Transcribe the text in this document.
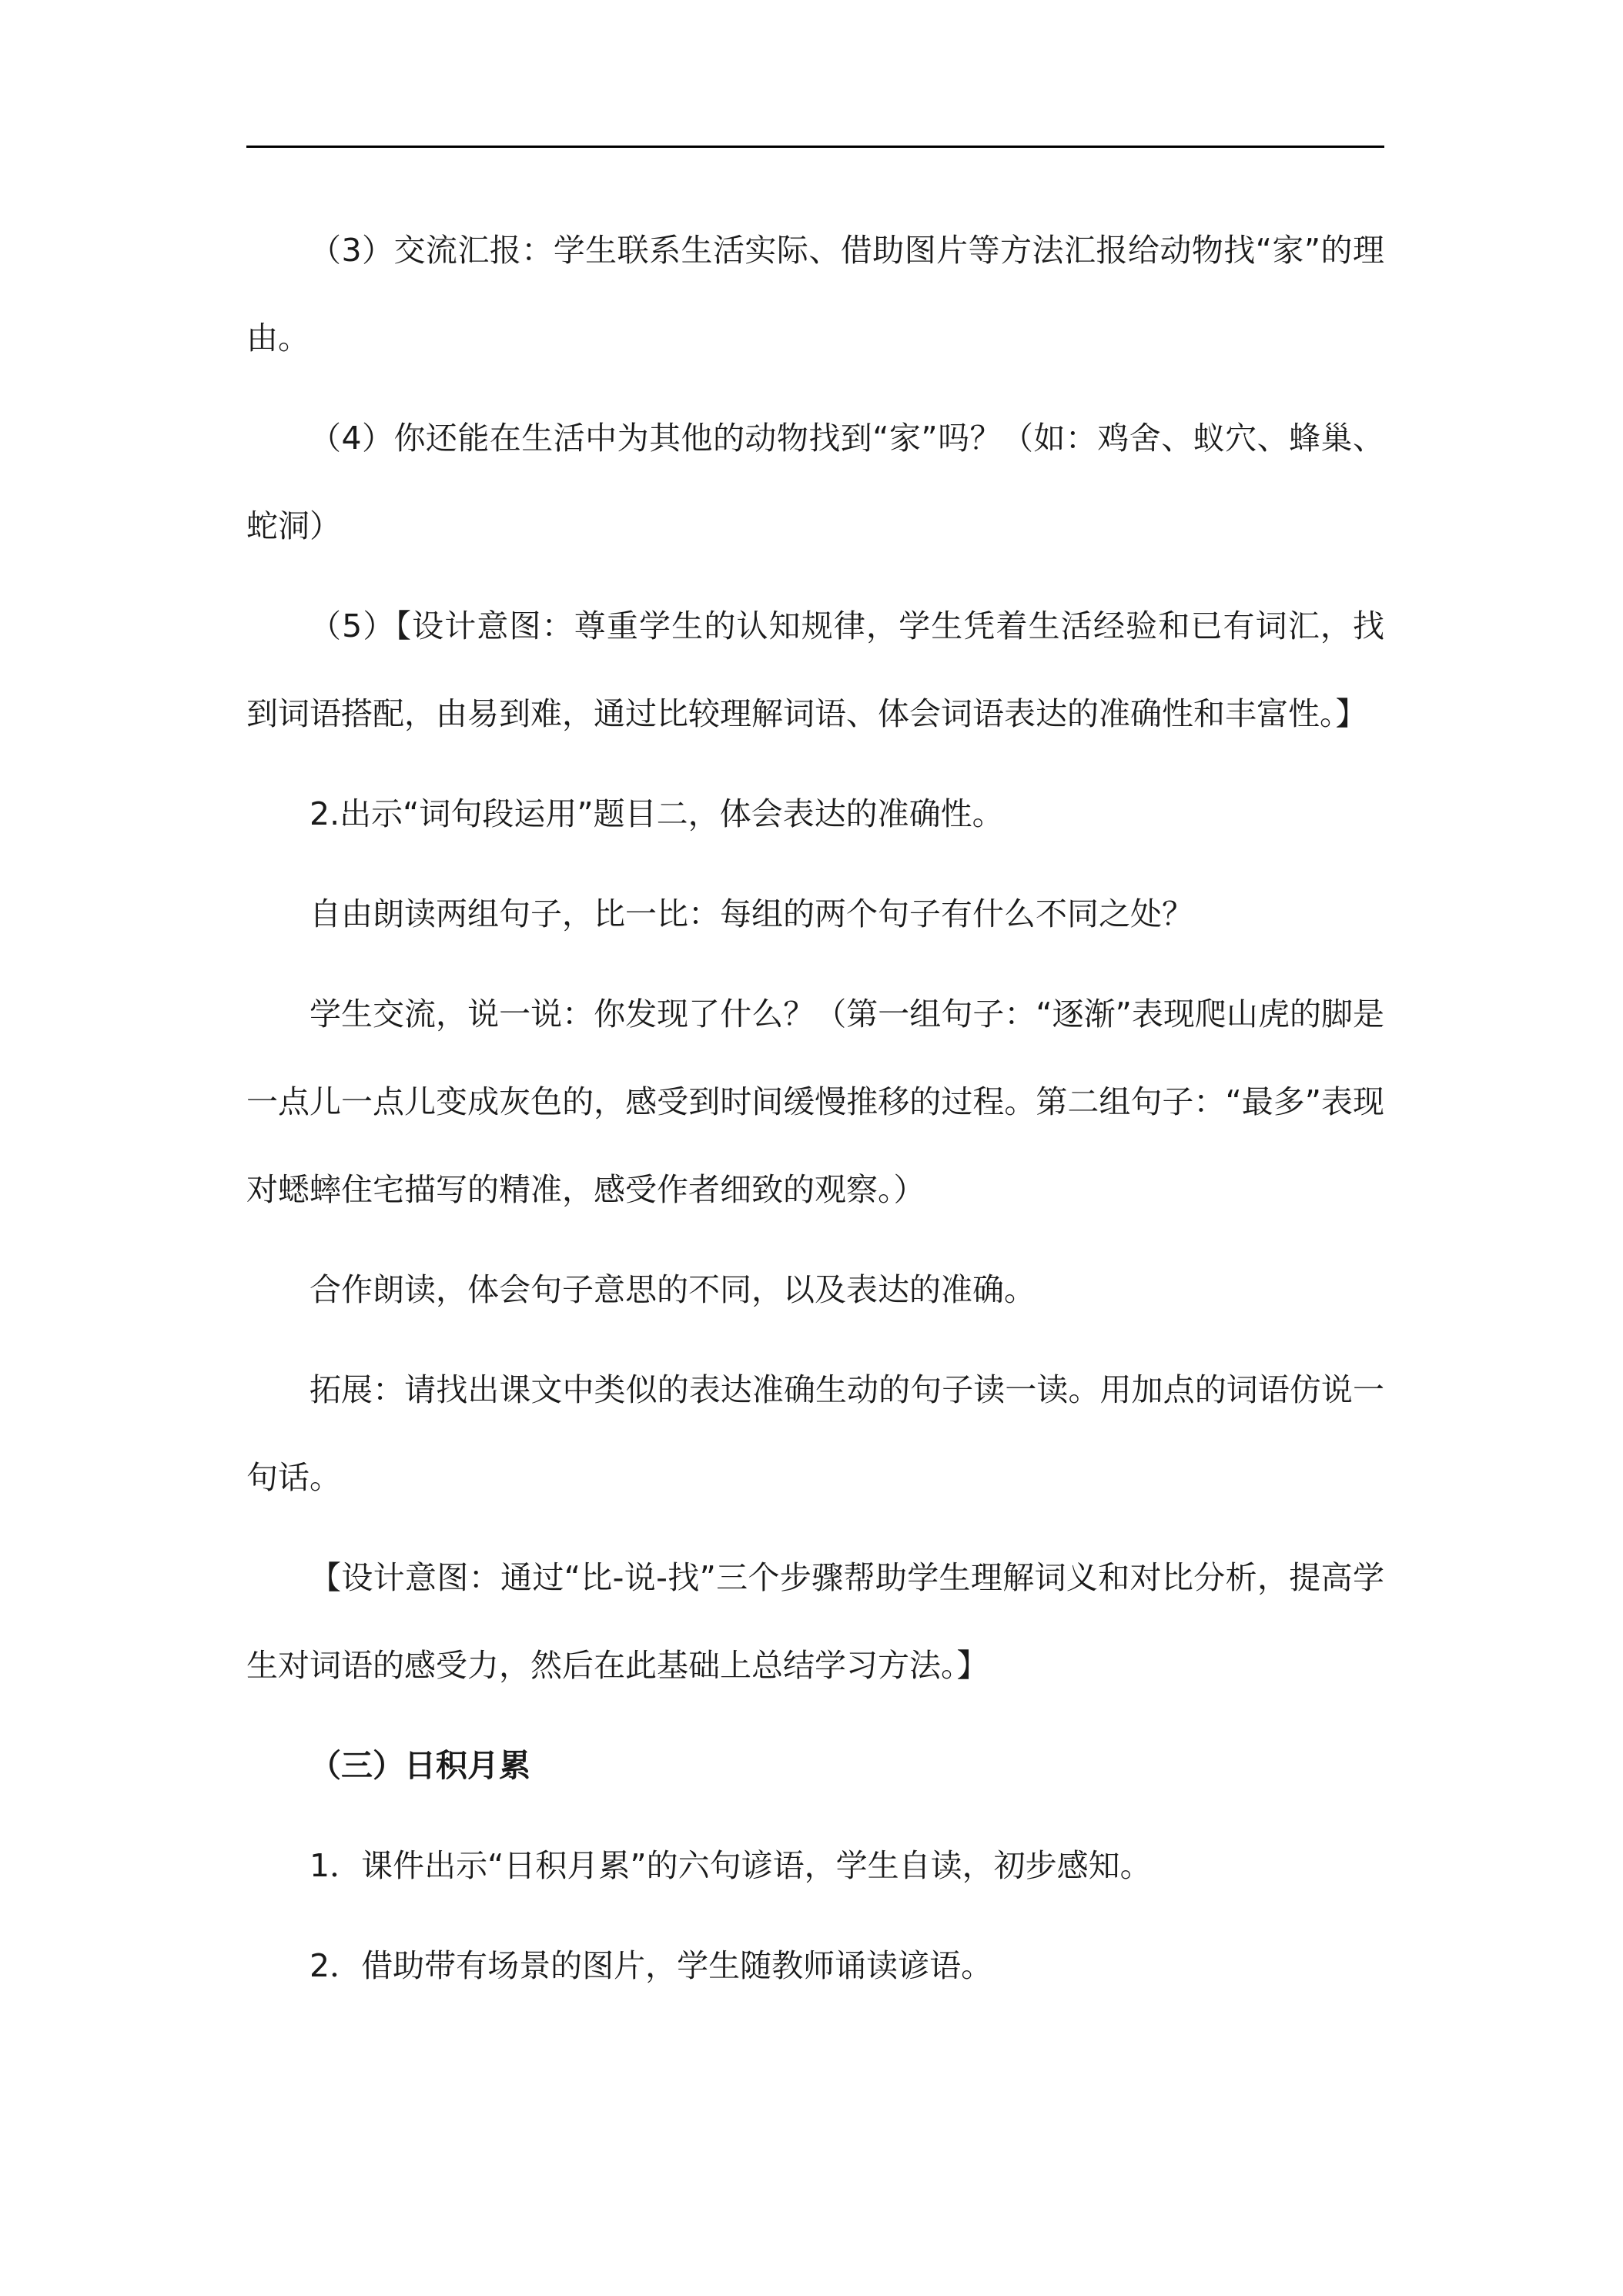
（3）交流汇报：学生联系生活实际、借助图片等方法汇报给动物找“家”的理由。

（4）你还能在生活中为其他的动物找到“家”吗？（如：鸡舍、蚁穴、蜂巢、蛇洞）

（5）【设计意图：尊重学生的认知规律，学生凭着生活经验和已有词汇，找到词语搭配，由易到难，通过比较理解词语、体会词语表达的准确性和丰富性。】

2.出示“词句段运用”题目二，体会表达的准确性。

自由朗读两组句子，比一比：每组的两个句子有什么不同之处？

学生交流，说一说：你发现了什么？（第一组句子：“逐渐”表现爬山虎的脚是一点儿一点儿变成灰色的，感受到时间缓慢推移的过程。第二组句子：“最多”表现对蟋蟀住宅描写的精准，感受作者细致的观察。）

合作朗读，体会句子意思的不同，以及表达的准确。

拓展：请找出课文中类似的表达准确生动的句子读一读。用加点的词语仿说一句话。

【设计意图：通过“比-说-找”三个步骤帮助学生理解词义和对比分析，提高学生对词语的感受力，然后在此基础上总结学习方法。】

（三）日积月累

1．课件出示“日积月累”的六句谚语，学生自读，初步感知。

2．借助带有场景的图片，学生随教师诵读谚语。
